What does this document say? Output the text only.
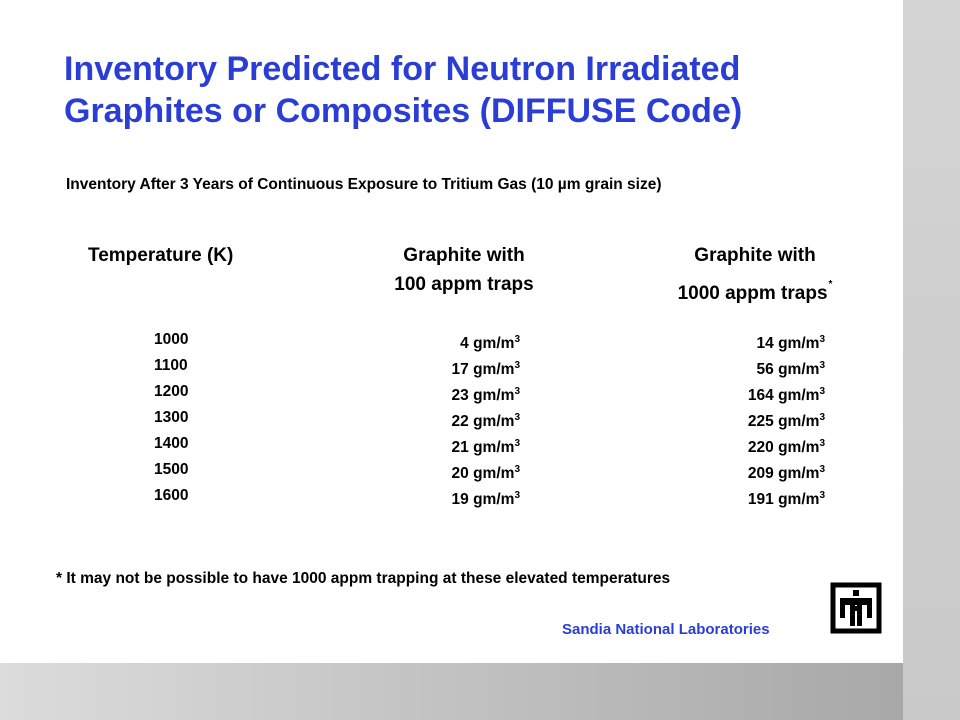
Inventory Predicted for Neutron Irradiated
Graphites or Composites (DIFFUSE Code)
Inventory After 3 Years of Continuous Exposure to Tritium Gas (10 µm grain size)
Temperature (K)	Graphite with
100 appm traps
Graphite with
1000 appm traps*
1000
1100
1200
1300
1400
1500
1600
4 $gm/m^3$
17 $gm/m^3$
23 $gm/m^3$
22 $gm/m^3$
21 $gm/m^3$
20 $gm/m^3$
19 $gm/m^3$
14 $gm/m^3$
56 $gm/m^3$
164 $gm/m^3$
225 $gm/m^3$
220 $gm/m^3$
209 $gm/m^3$
191 $gm/m^3$
* It may not be possible to have 1000 appm trapping at these elevated temperatures
Sandia National Laboratories
